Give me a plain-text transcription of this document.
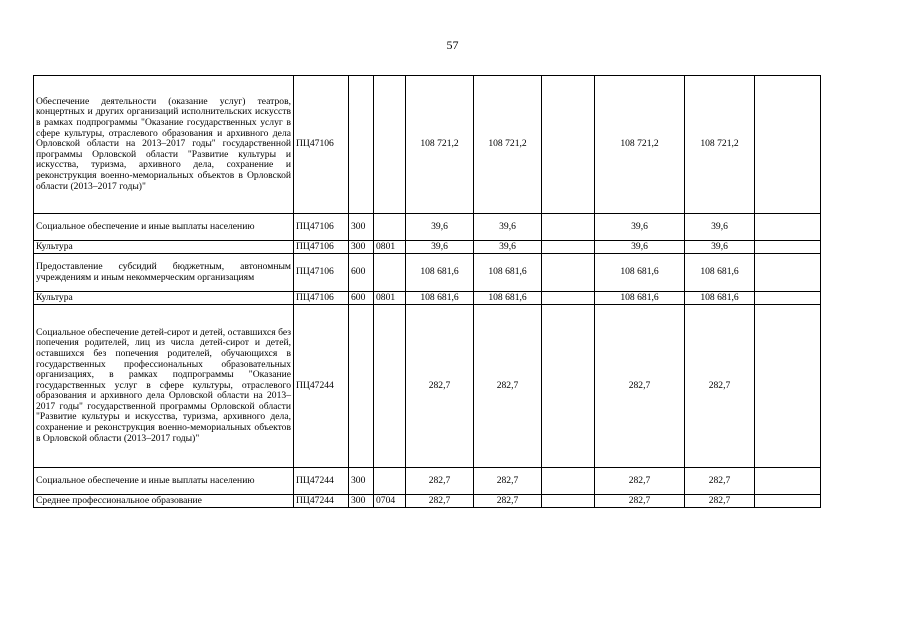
57
Обеспечение деятельности (оказание услуг) театров, концертных и других организаций исполнительских искусств в рамках подпрограммы "Оказание государственных услуг в сфере культуры, отраслевого образования и архивного дела Орловской области на 2013–2017 годы" государственной программы Орловской области "Развитие культуры и искусства, туризма, архивного дела, сохранение и реконструкция военно-мемориальных объектов в Орловской области (2013–2017 годы)"	ПЦ47106			108 721,2	108 721,2		108 721,2	108 721,2	
Социальное обеспечение и иные выплаты населению	ПЦ47106	300		39,6	39,6		39,6	39,6	
Культура	ПЦ47106	300	0801	39,6	39,6		39,6	39,6	
Предоставление субсидий бюджетным, автономным учреждениям и иным некоммерческим организациям	ПЦ47106	600		108 681,6	108 681,6		108 681,6	108 681,6	
Культура	ПЦ47106	600	0801	108 681,6	108 681,6		108 681,6	108 681,6	
Социальное обеспечение детей-сирот и детей, оставшихся без попечения родителей, лиц из числа детей-сирот и детей, оставшихся без попечения родителей, обучающихся в государственных профессиональных образовательных организациях, в рамках подпрограммы "Оказание государственных услуг в сфере культуры, отраслевого образования и архивного дела Орловской области на 2013–2017 годы" государственной программы Орловской области "Развитие культуры и искусства, туризма, архивного дела, сохранение и реконструкция военно-мемориальных объектов в Орловской области (2013–2017 годы)"	ПЦ47244			282,7	282,7		282,7	282,7	
Социальное обеспечение и иные выплаты населению	ПЦ47244	300		282,7	282,7		282,7	282,7	
Среднее профессиональное образование	ПЦ47244	300	0704	282,7	282,7		282,7	282,7	
